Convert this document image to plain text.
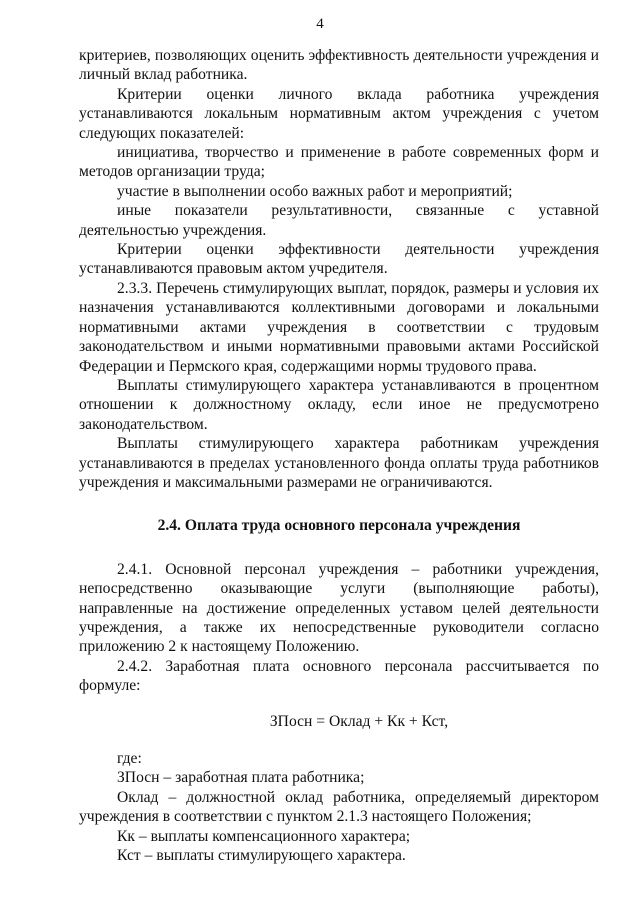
4

критериев, позволяющих оценить эффективность деятельности учреждения и личный вклад работника.

Критерии оценки личного вклада работника учреждения устанавливаются локальным нормативным актом учреждения с учетом следующих показателей:

инициатива, творчество и применение в работе современных форм и методов организации труда;

участие в выполнении особо важных работ и мероприятий;

иные показатели результативности, связанные с уставной деятельностью учреждения.

Критерии оценки эффективности деятельности учреждения устанавливаются правовым актом учредителя.

2.3.3. Перечень стимулирующих выплат, порядок, размеры и условия их назначения устанавливаются коллективными договорами и локальными нормативными актами учреждения в соответствии с трудовым законодательством и иными нормативными правовыми актами Российской Федерации и Пермского края, содержащими нормы трудового права.

Выплаты стимулирующего характера устанавливаются в процентном отношении к должностному окладу, если иное не предусмотрено законодательством.

Выплаты стимулирующего характера работникам учреждения устанавливаются в пределах установленного фонда оплаты труда работников учреждения и максимальными размерами не ограничиваются.

2.4. Оплата труда основного персонала учреждения

2.4.1. Основной персонал учреждения – работники учреждения, непосредственно оказывающие услуги (выполняющие работы), направленные на достижение определенных уставом целей деятельности учреждения, а также их непосредственные руководители согласно приложению 2 к настоящему Положению.

2.4.2. Заработная плата основного персонала рассчитывается по формуле:

ЗПосн = Оклад + Кк + Кст,

где:

ЗПосн – заработная плата работника;

Оклад – должностной оклад работника, определяемый директором учреждения в соответствии с пунктом 2.1.3 настоящего Положения;

Кк – выплаты компенсационного характера;

Кст – выплаты стимулирующего характера.
